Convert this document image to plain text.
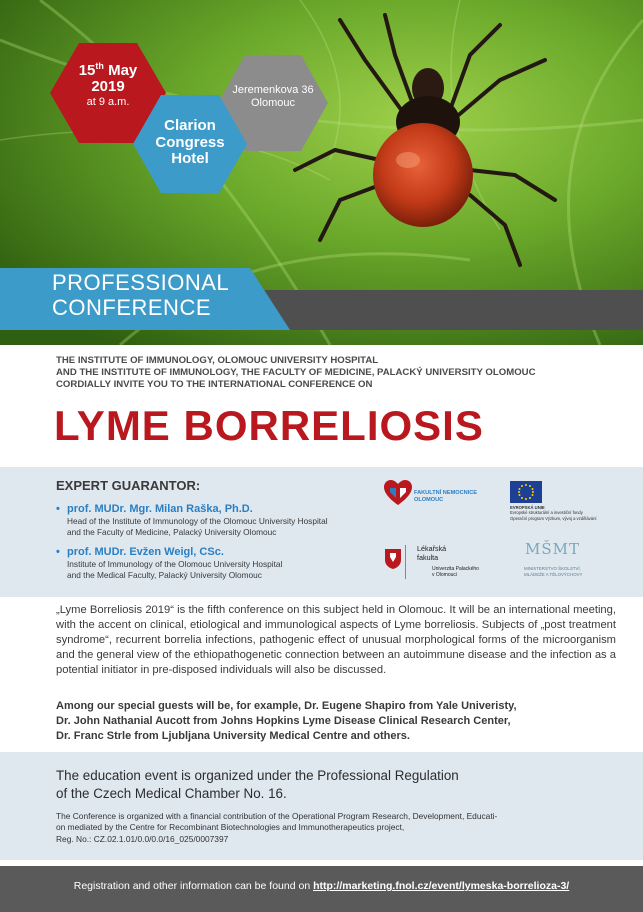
15th May
2019
at 9 a.m.
Clarion
Congress
Hotel
Jeremenkova 36
Olomouc
PROFESSIONAL
CONFERENCE
THE INSTITUTE OF IMMUNOLOGY, OLOMOUC UNIVERSITY HOSPITAL
AND THE INSTITUTE OF IMMUNOLOGY, THE FACULTY OF MEDICINE, PALACKÝ UNIVERSITY OLOMOUC
CORDIALLY INVITE YOU TO THE INTERNATIONAL CONFERENCE ON
LYME BORRELIOSIS
EXPERT GUARANTOR:
• prof. MUDr. Mgr. Milan Raška, Ph.D.
Head of the Institute of Immunology of the Olomouc University Hospital
and the Faculty of Medicine, Palacký University Olomouc
• prof. MUDr. Evžen Weigl, CSc.
Institute of Immunology of the Olomouc University Hospital
and the Medical Faculty, Palacký University Olomouc
FAKULTNÍ NEMOCNICE
OLOMOUC
EVROPSKÁ UNIE
Evropské strukturální a investiční fondy
Operační program Výzkum, vývoj a vzdělávání
Lékařská
fakulta
Univerzita Palackého
v Olomouci
MŠMT
MINISTERSTVO ŠKOLSTVÍ,
MLÁDEŽE A TĚLOVÝCHOVY
„Lyme Borreliosis 2019“ is the fifth conference on this subject held in Olomouc. It will be an international meeting, with the accent on clinical, etiological and immunological aspects of Lyme borreliosis. Subjects of „post treatment syndrome“, recurrent borrelia infections, pathogenic effect of unusual morphological forms of the microorganism and the general view of the ethiopathogenetic connection between an autoimmune disease and the infection as a potential initiator in pre-disposed individuals will also be discussed.
Among our special guests will be, for example, Dr. Eugene Shapiro from Yale Univeristy,
Dr. John Nathanial Aucott from Johns Hopkins Lyme Disease Clinical Research Center,
Dr. Franc Strle from Ljubljana University Medical Centre and others.
The education event is organized under the Professional Regulation
of the Czech Medical Chamber No. 16.
The Conference is organized with a financial contribution of the Operational Program Research, Development, Educati-
on mediated by the Centre for Recombinant Biotechnologies and Immunotherapeutics project,
Reg. No.: CZ.02.1.01/0.0/0.0/16_025/0007397
Registration and other information can be found on http://marketing.fnol.cz/event/lymeska-borrelioza-3/
